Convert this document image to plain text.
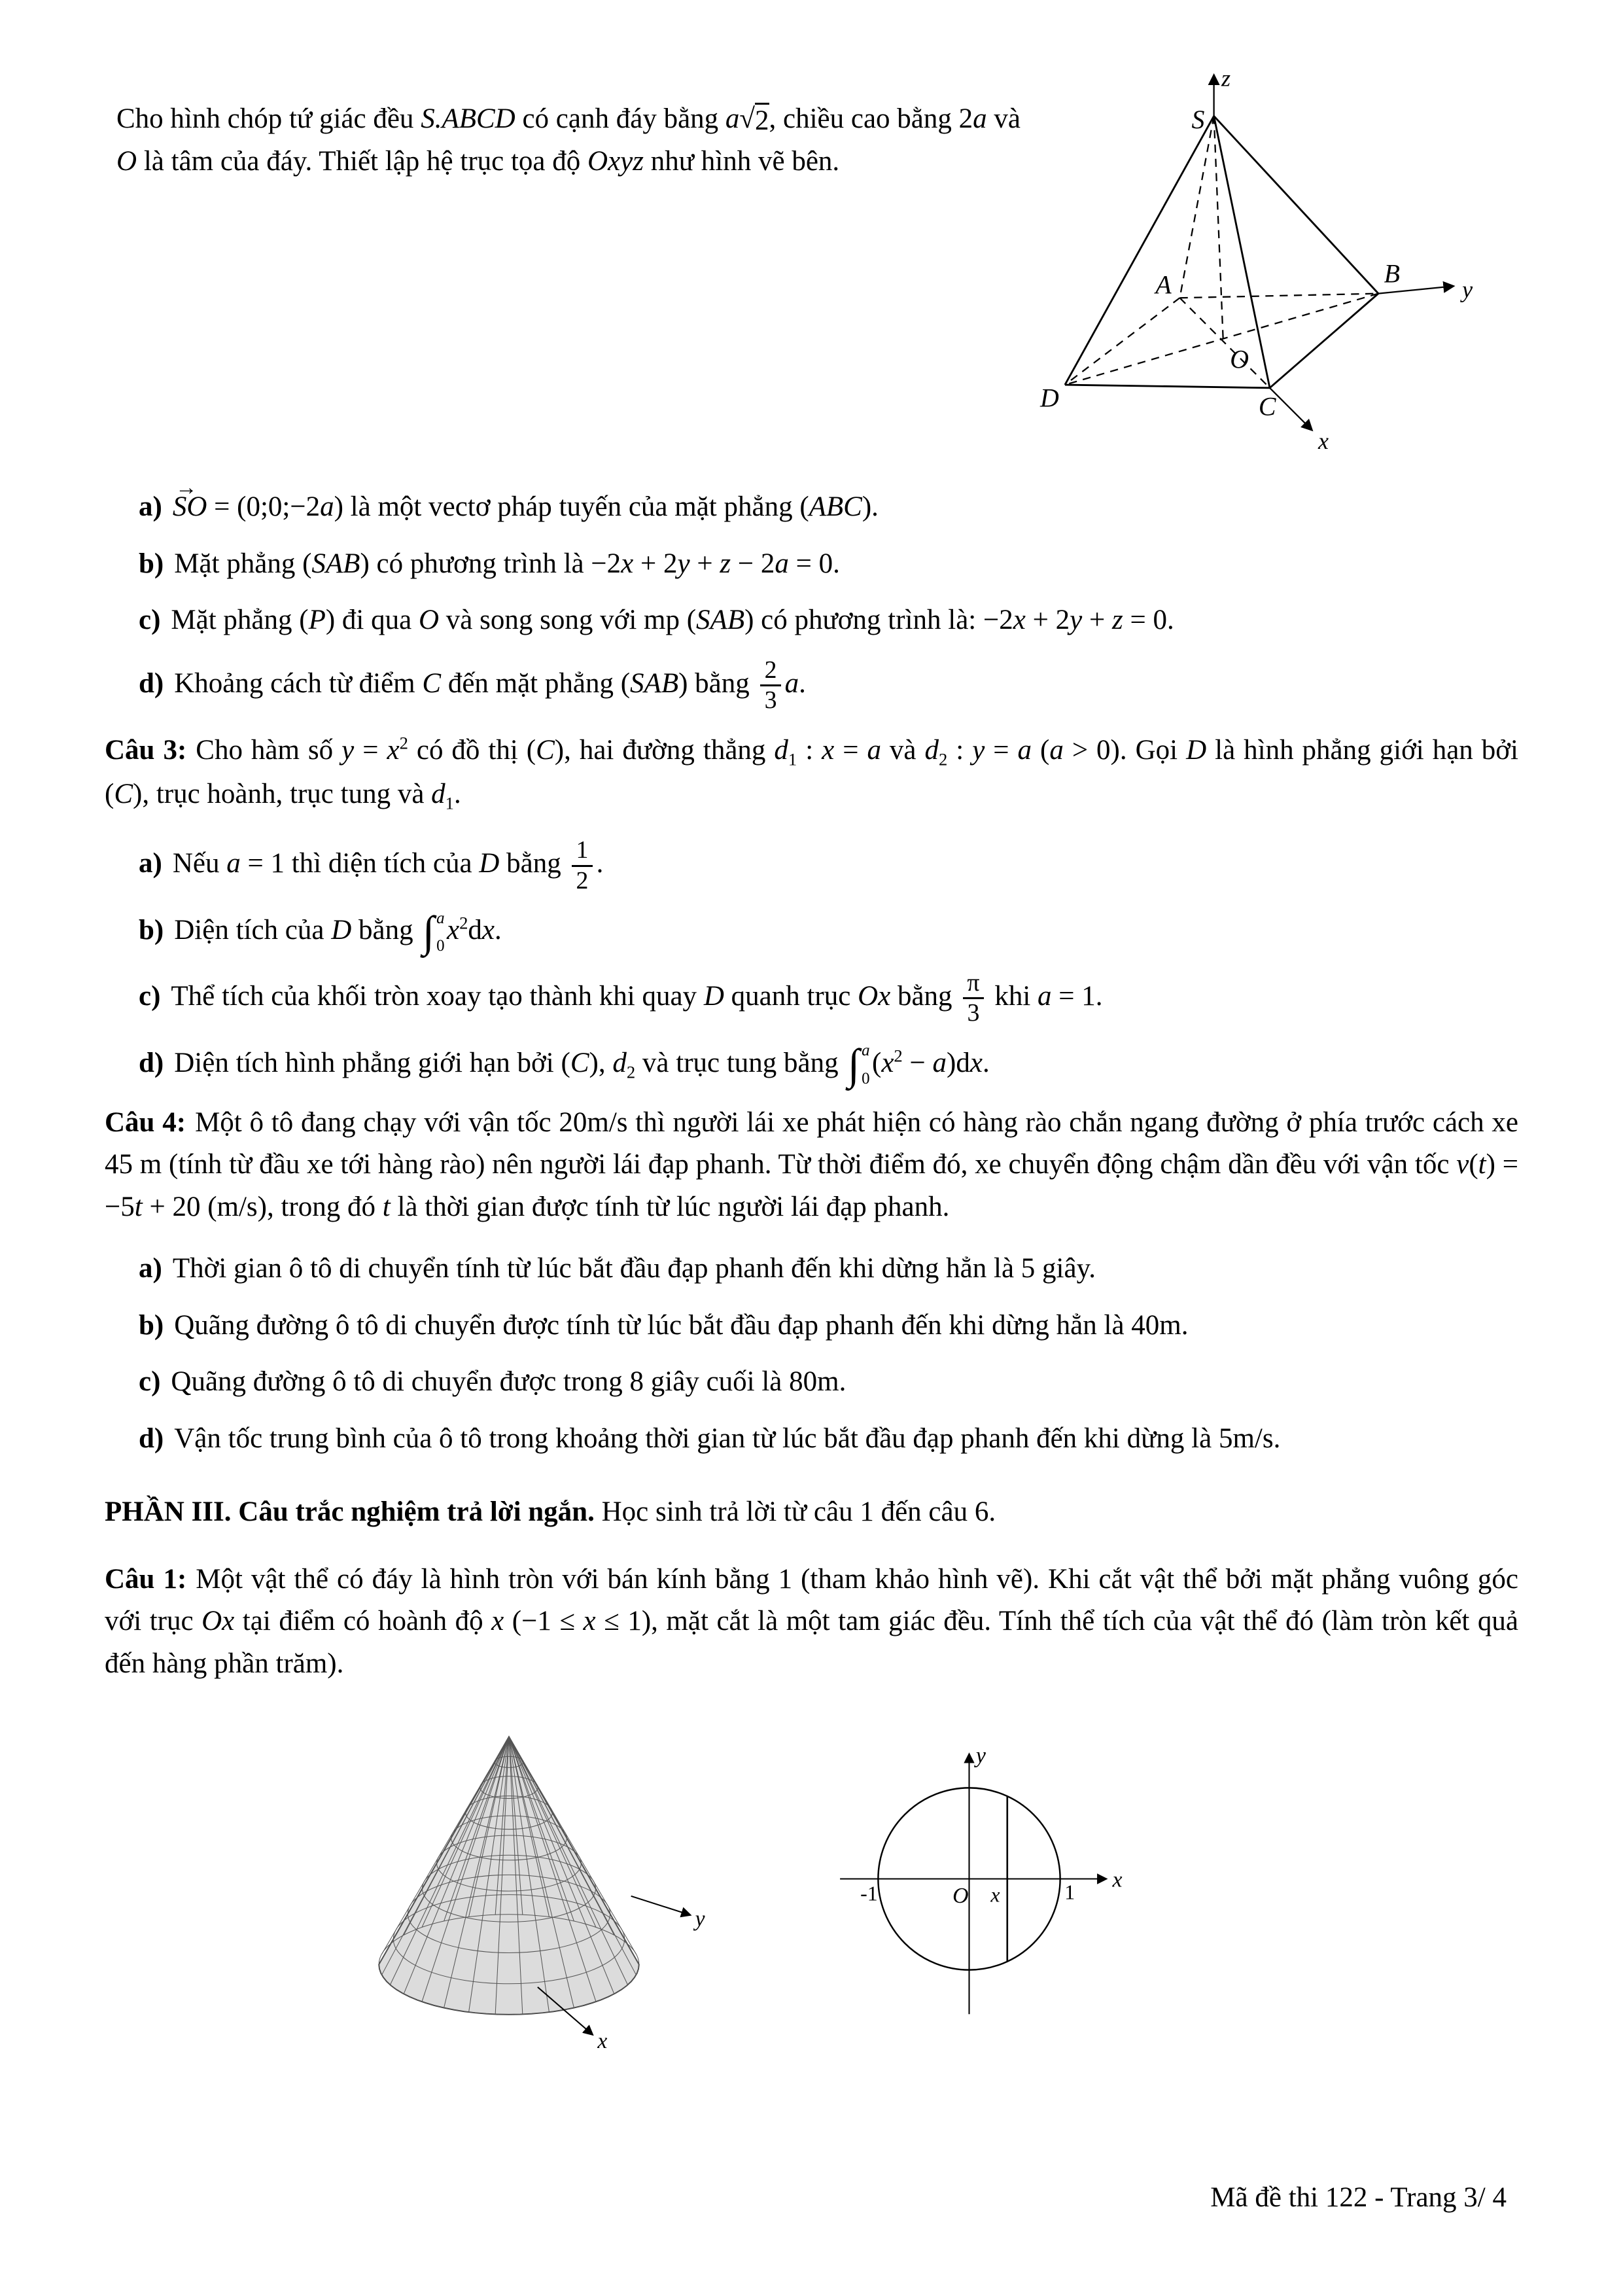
Cho hình chóp tứ giác đều S.ABCD có cạnh đáy bằng a √ 2 , chiều cao bằng 2a và O là tâm của đáy. Thiết lập hệ trục tọa độ Oxyz như hình vẽ bên.

z
S
A	B
y
D
O
C
x
a) SO → = (0;0;−2a) là một vectơ pháp tuyến của mặt phẳng (ABC).
b) Mặt phẳng (SAB) có phương trình là −2x + 2y + z − 2a = 0.
c) Mặt phẳng (P) đi qua O và song song với mp (SAB) có phương trình là: −2x + 2y + z = 0.
d) Khoảng cách từ điểm C đến mặt phẳng (SAB) bằng $\frac{2}{3} a$.

Câu 3: Cho hàm số $y = x^2$ có đồ thị (C), hai đường thẳng $d_1$ : x = a và $d_2$ : y = a (a > 0). Gọi D là hình phẳng giới hạn bởi (C), trục hoành, trục tung và $d_1$.

a) Nếu a = 1 thì diện tích của D bằng $\frac{1}{2}$ .
b) Diện tích của D bằng ∫ a
0
$x^2dx$.
c) Thể tích của khối tròn xoay tạo thành khi quay D quanh trục Ox bằng $\frac{\pi}{3}$ khi a = 1.
d) Diện tích hình phẳng giới hạn bởi (C), $d_2$ và trục tung bằng ∫ a
0
$(x^2 - a)dx$.

Câu 4: Một ô tô đang chạy với vận tốc 20m/s thì người lái xe phát hiện có hàng rào chắn ngang đường ở phía trước cách xe 45 m (tính từ đầu xe tới hàng rào) nên người lái đạp phanh. Từ thời điểm đó, xe chuyển động chậm dần đều với vận tốc v(t) = −5t + 20 (m/s), trong đó t là thời gian được tính từ lúc người lái đạp phanh.

a) Thời gian ô tô di chuyển tính từ lúc bắt đầu đạp phanh đến khi dừng hẳn là 5 giây.
b) Quãng đường ô tô di chuyển được tính từ lúc bắt đầu đạp phanh đến khi dừng hẳn là 40m.
c) Quãng đường ô tô di chuyển được trong 8 giây cuối là 80m.
d) Vận tốc trung bình của ô tô trong khoảng thời gian từ lúc bắt đầu đạp phanh đến khi dừng là 5m/s.

PHẦN III. Câu trắc nghiệm trả lời ngắn. Học sinh trả lời từ câu 1 đến câu 6.

Câu 1: Một vật thể có đáy là hình tròn với bán kính bằng 1 (tham khảo hình vẽ). Khi cắt vật thể bởi mặt phẳng vuông góc với trục Ox tại điểm có hoành độ x (−1 ≤ x ≤ 1), mặt cắt là một tam giác đều. Tính thể tích của vật thể đó (làm tròn kết quả đến hàng phần trăm).

y
x
y
x
O x
-1	1
Mã đề thi 122 - Trang 3/ 4
